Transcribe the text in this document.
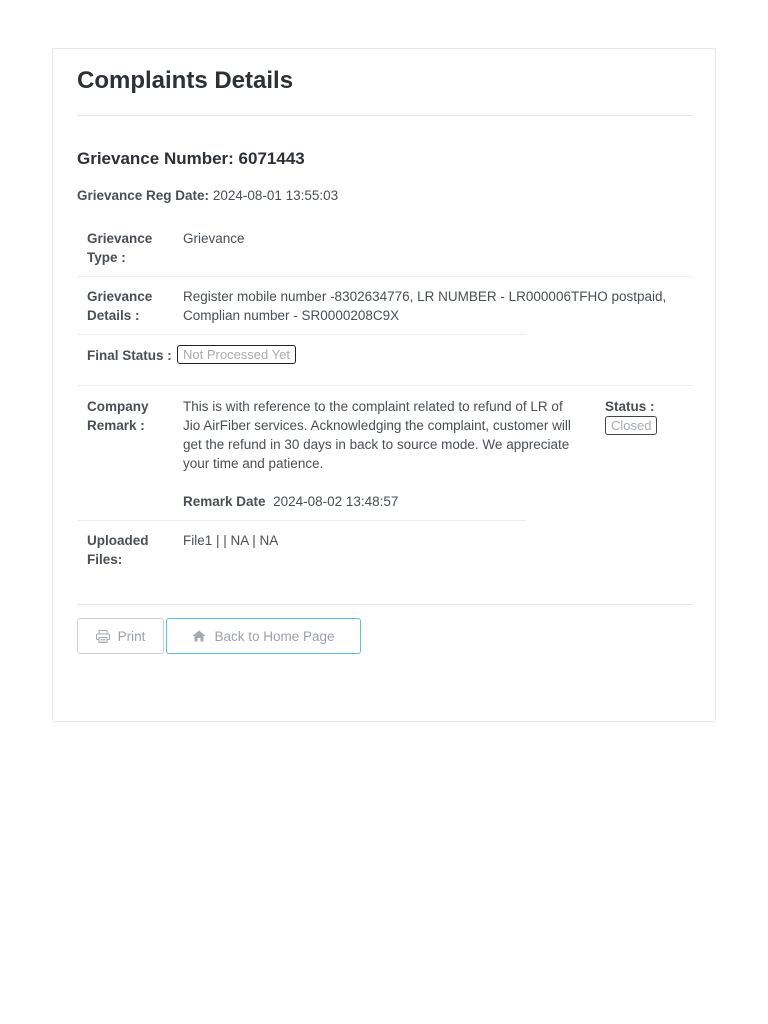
Complaints Details
Grievance Number: 6071443
Grievance Reg Date: 2024-08-01 13:55:03
Grievance Type :
Grievance
Grievance Details :
Register mobile number -8302634776, LR NUMBER - LR000006TFHO postpaid, Complian number - SR0000208C9X
Final Status : Not Processed Yet
Company Remark :
This is with reference to the complaint related to refund of LR of Jio AirFiber services. Acknowledging the complaint, customer will get the refund in 30 days in back to source mode. We appreciate your time and patience.
Remark Date 2024-08-02 13:48:57
Status :
Closed
Uploaded Files:
File1 | | NA | NA
Print	Back to Home Page
